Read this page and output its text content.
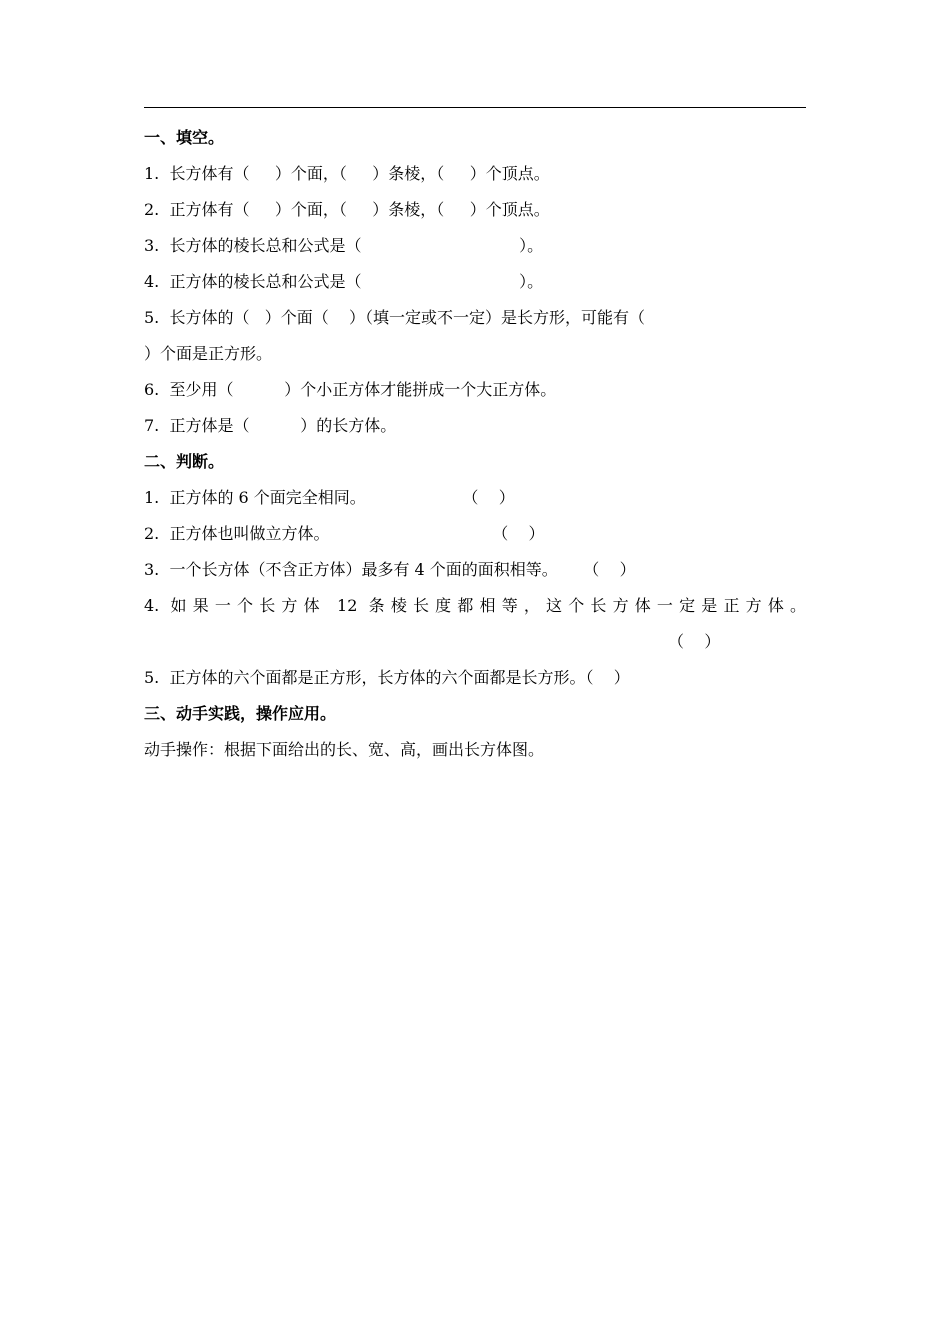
一、填空。
1.  长方体有（     ）个面，（     ）条棱，（     ）个顶点。
2.  正方体有（     ）个面，（     ）条棱，（     ）个顶点。
3.  长方体的棱长总和公式是（                               ）。
4.  正方体的棱长总和公式是（                               ）。
5.  长方体的（   ）个面（    ）（填一定或不一定）是长方形，可能有（
）个面是正方形。
6.  至少用（          ）个小正方体才能拼成一个大正方体。
7.  正方体是（          ）的长方体。
二、判断。
1.  正方体的 6 个面完全相同。                   （    ）
2.  正方体也叫做立方体。                                （    ）
3.  一个长方体（不含正方体）最多有 4 个面的面积相等。     （    ）
4. 如果一个长方体 12 条棱长度都相等，这个长方体一定是正方体。
（    ）
5.  正方体的六个面都是正方形，长方体的六个面都是长方形。（    ）
三、动手实践，操作应用。
动手操作：根据下面给出的长、宽、高，画出长方体图。
